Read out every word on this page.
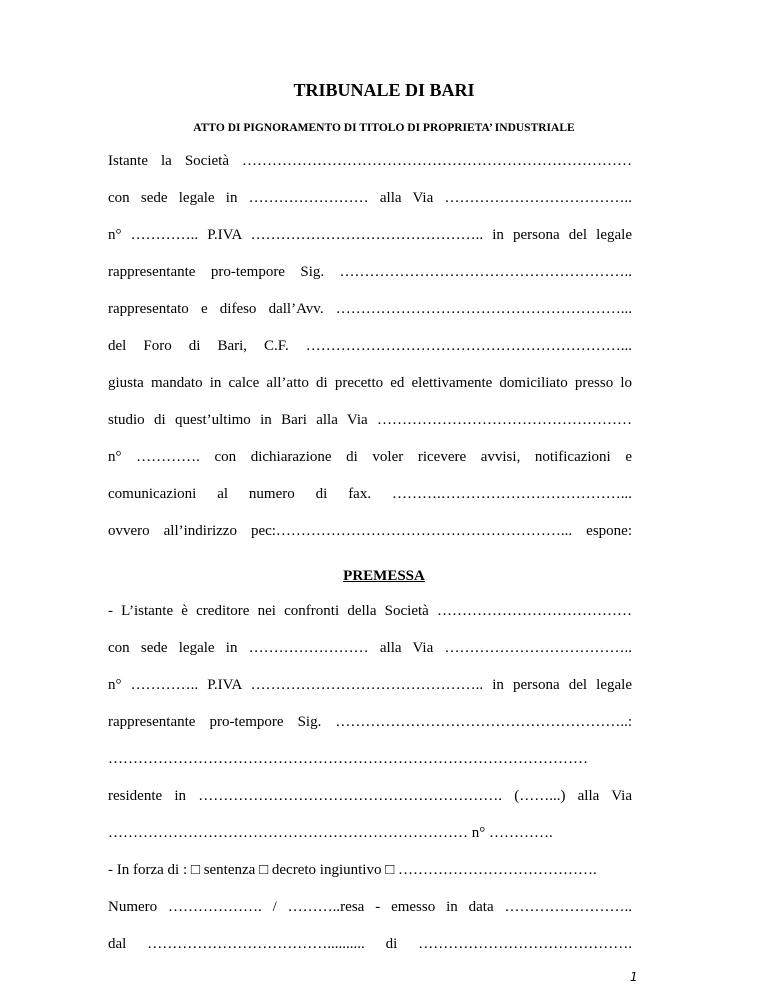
TRIBUNALE DI BARI
ATTO DI PIGNORAMENTO DI TITOLO DI PROPRIETA’ INDUSTRIALE
Istante la Società ……………………………………………………………………
con sede legale in …………………… alla Via ………………………………..
n° ………….. P.IVA ……………………………………….. in persona del legale
rappresentante pro-tempore Sig. …………………………………………………..
rappresentato e difeso dall’Avv. …………………………………………………...
del Foro di Bari, C.F. ………………………………………………………...
giusta mandato in calce all’atto di precetto ed elettivamente domiciliato presso lo
studio di quest’ultimo in Bari alla Via ……………………………………………
n° …………. con dichiarazione di voler ricevere avvisi, notificazioni e
comunicazioni al numero di fax. ……….………………………………...
ovvero all’indirizzo pec:…………………………………………………... espone:
PREMESSA
- L’istante è creditore nei confronti della Società …………………………………
con sede legale in …………………… alla Via ………………………………..
n° ………….. P.IVA ……………………………………….. in persona del legale
rappresentante pro-tempore Sig. …………………………………………………..:
……………………………………………………………………………………
residente in ……………………………………………………. (……...) alla Via
……………………………………………………………… n° ………….
- In forza di : □ sentenza □ decreto ingiuntivo □ ………………………………….
Numero ………………. / ………..resa - emesso in data ……………………..
dal ……………………………….......... di …………………………………….
1
